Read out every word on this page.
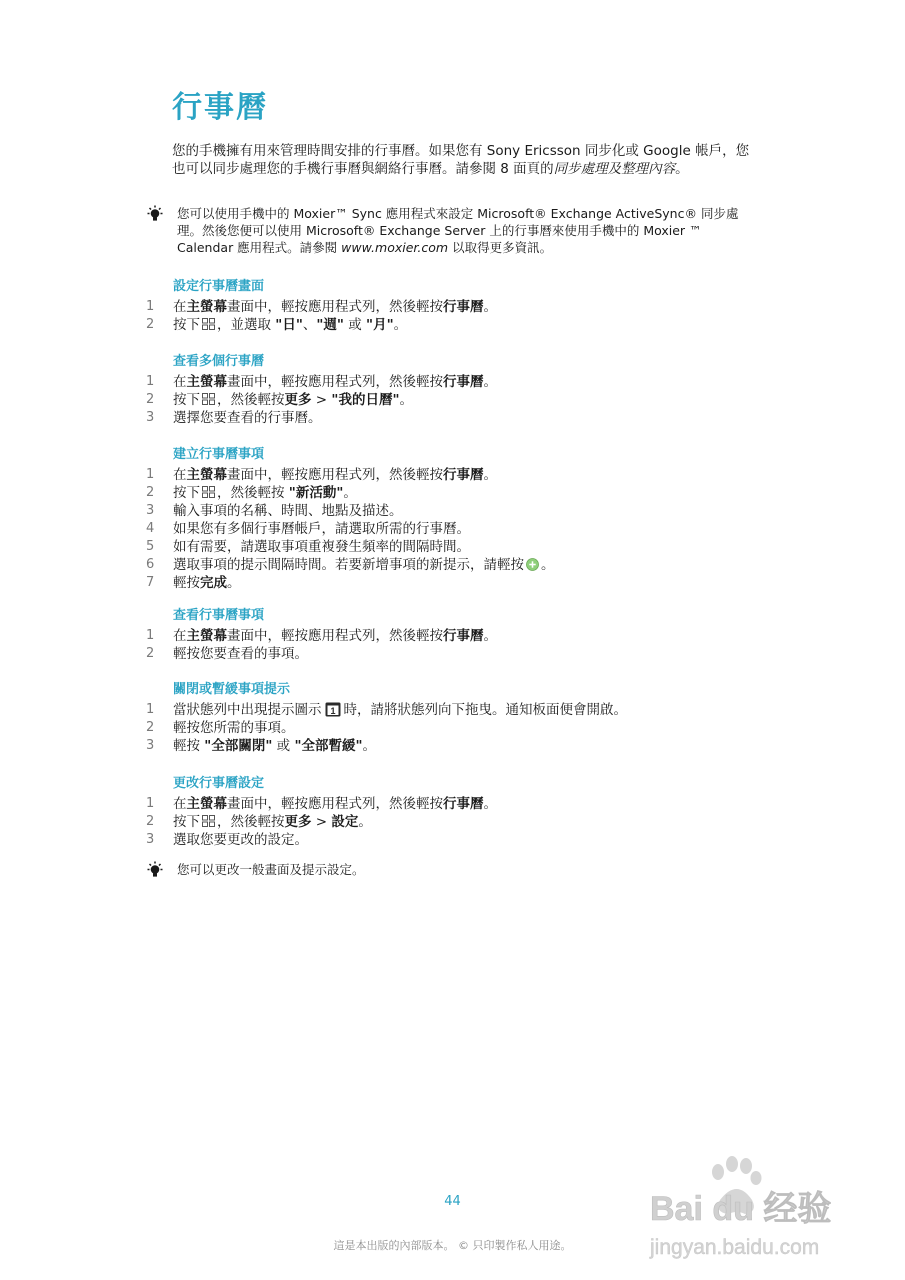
行事曆
您的手機擁有用來管理時間安排的行事曆。如果您有 Sony Ericsson 同步化或 Google 帳戶，您也可以同步處理您的手機行事曆與網絡行事曆。請參閱 8 面頁的同步處理及整理內容。
您可以使用手機中的 Moxier™ Sync 應用程式來設定 Microsoft® Exchange ActiveSync® 同步處理。然後您便可以使用 Microsoft® Exchange Server 上的行事曆來使用手機中的 Moxier ™ Calendar 應用程式。請參閱 www.moxier.com 以取得更多資訊。
設定行事曆畫面
1	在主螢幕畫面中，輕按應用程式列，然後輕按行事曆。
2	按下 ，並選取 "日"、"週" 或 "月"。
查看多個行事曆
1	在主螢幕畫面中，輕按應用程式列，然後輕按行事曆。
2	按下 ，然後輕按更多 > "我的日曆"。
3	選擇您要查看的行事曆。
建立行事曆事項
1	在主螢幕畫面中，輕按應用程式列，然後輕按行事曆。
2	按下 ，然後輕按 "新活動"。
3	輸入事項的名稱、時間、地點及描述。
4	如果您有多個行事曆帳戶，請選取所需的行事曆。
5	如有需要，請選取事項重複發生頻率的間隔時間。
6	選取事項的提示間隔時間。若要新增事項的新提示，請輕按 。
7	輕按完成。
查看行事曆事項
1	在主螢幕畫面中，輕按應用程式列，然後輕按行事曆。
2	輕按您要查看的事項。
關閉或暫緩事項提示
1	當狀態列中出現提示圖示 1 時，請將狀態列向下拖曳。通知板面便會開啟。
2	輕按您所需的事項。
3	輕按 "全部關閉" 或 "全部暫緩"。
更改行事曆設定
1	在主螢幕畫面中，輕按應用程式列，然後輕按行事曆。
2	按下 ，然後輕按更多 > 設定。
3	選取您要更改的設定。
您可以更改一般畫面及提示設定。
44
這是本出版的內部版本。 © 只印製作私人用途。
Bai du 经验
jingyan.baidu.com
